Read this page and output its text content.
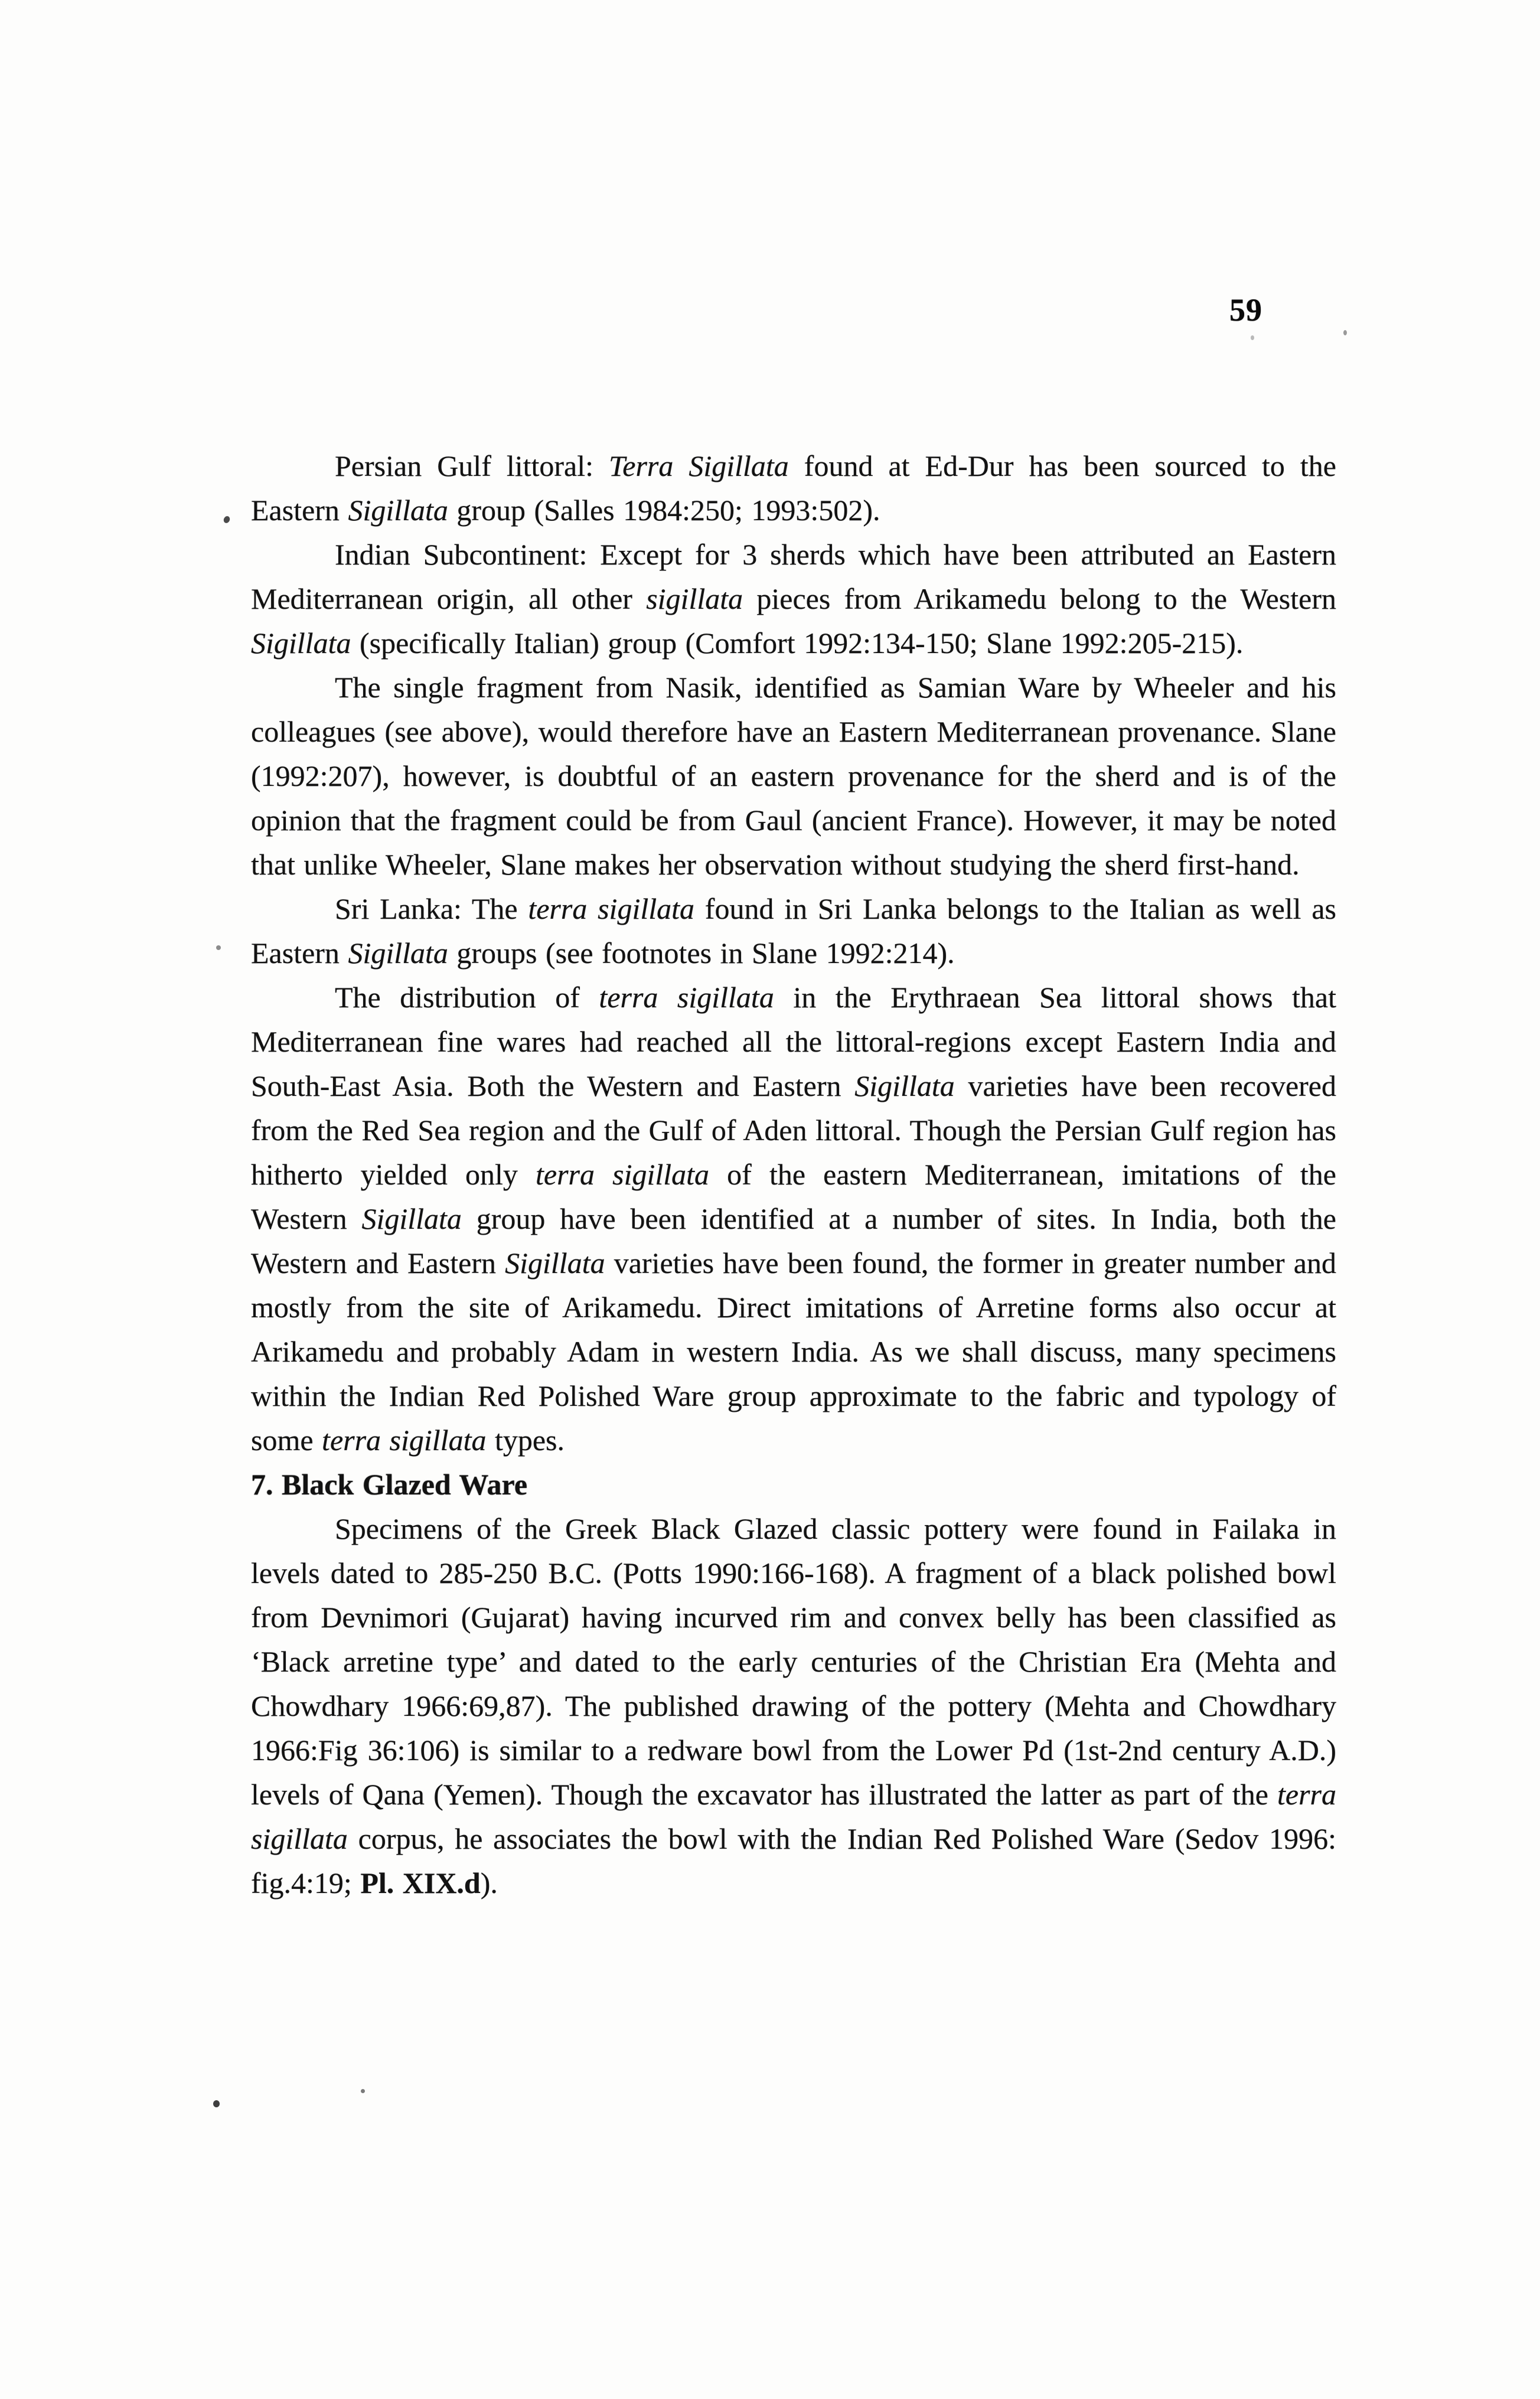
59

Persian Gulf littoral: Terra Sigillata found at Ed-Dur has been sourced to the Eastern Sigillata group (Salles 1984:250; 1993:502).

Indian Subcontinent: Except for 3 sherds which have been attributed an Eastern Mediterranean origin, all other sigillata pieces from Arikamedu belong to the Western Sigillata (specifically Italian) group (Comfort 1992:134-150; Slane 1992:205-215).

The single fragment from Nasik, identified as Samian Ware by Wheeler and his colleagues (see above), would therefore have an Eastern Mediterranean provenance. Slane (1992:207), however, is doubtful of an eastern provenance for the sherd and is of the opinion that the fragment could be from Gaul (ancient France). However, it may be noted that unlike Wheeler, Slane makes her observation without studying the sherd first-hand.

Sri Lanka: The terra sigillata found in Sri Lanka belongs to the Italian as well as Eastern Sigillata groups (see footnotes in Slane 1992:214).

The distribution of terra sigillata in the Erythraean Sea littoral shows that Mediterranean fine wares had reached all the littoral-regions except Eastern India and South-East Asia. Both the Western and Eastern Sigillata varieties have been recovered from the Red Sea region and the Gulf of Aden littoral. Though the Persian Gulf region has hitherto yielded only terra sigillata of the eastern Mediterranean, imitations of the Western Sigillata group have been identified at a number of sites. In India, both the Western and Eastern Sigillata varieties have been found, the former in greater number and mostly from the site of Arikamedu. Direct imitations of Arretine forms also occur at Arikamedu and probably Adam in western India. As we shall discuss, many specimens within the Indian Red Polished Ware group approximate to the fabric and typology of some terra sigillata types.

7. Black Glazed Ware

Specimens of the Greek Black Glazed classic pottery were found in Failaka in levels dated to 285-250 B.C. (Potts 1990:166-168). A fragment of a black polished bowl from Devnimori (Gujarat) having incurved rim and convex belly has been classified as ‘Black arretine type’ and dated to the early centuries of the Christian Era (Mehta and Chowdhary 1966:69,87). The published drawing of the pottery (Mehta and Chowdhary 1966:Fig 36:106) is similar to a redware bowl from the Lower Pd (1st-2nd century A.D.) levels of Qana (Yemen). Though the excavator has illustrated the latter as part of the terra sigillata corpus, he associates the bowl with the Indian Red Polished Ware (Sedov 1996: fig.4:19; Pl. XIX.d).
